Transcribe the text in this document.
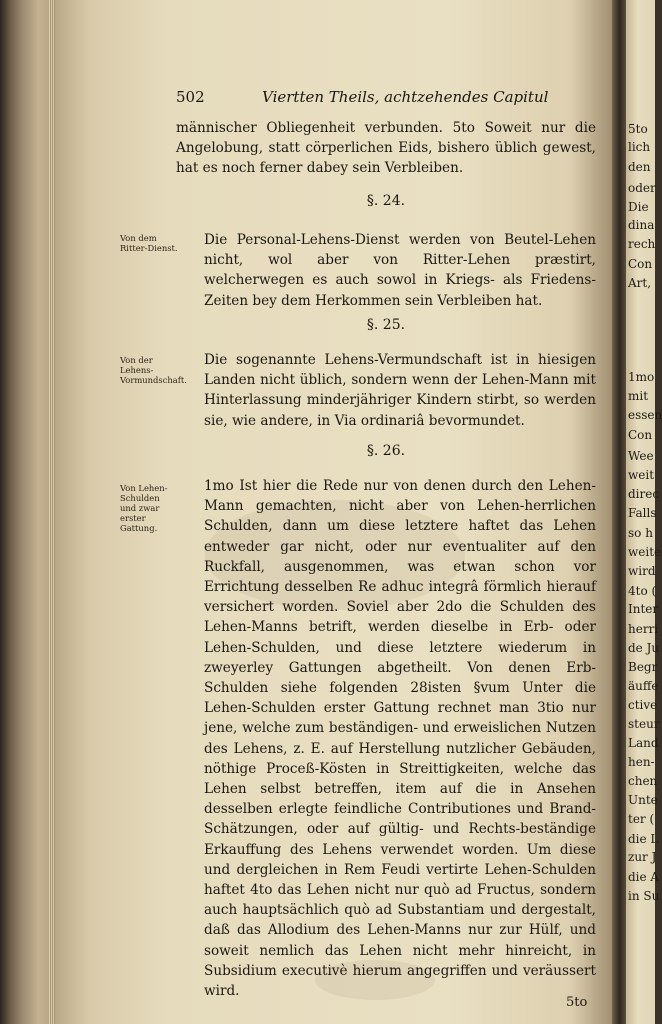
502	Viertten Theils, achtzehendes Capitul

männischer Obliegenheit verbunden. 5to Soweit nur die Angelobung, statt cörperlichen Eids, bishero üblich gewest, hat es noch ferner dabey sein Verbleiben.

§. 24.
Von dem Ritter-Dienst.	Die Personal-Lehens-Dienst werden von Beutel-Lehen nicht, wol aber von Ritter-Lehen præstirt, welcherwegen es auch sowol in Kriegs- als Friedens-Zeiten bey dem Herkommen sein Verbleiben hat.
§. 25.
Von der Lehens-Vormundschaft.
Die sogenannte Lehens-Vermundschaft ist in hiesigen Landen nicht üblich, sondern wenn der Lehen-Mann mit Hinterlassung minderjähriger Kindern stirbt, so werden sie, wie andere, in Via ordinariâ bevormundet.
§. 26.
Von Lehen-Schulden und zwar erster Gattung.
1mo Ist hier die Rede nur von denen durch den Lehen-Mann gemachten, nicht aber von Lehen-herrlichen Schulden, dann um diese letztere haftet das Lehen entweder gar nicht, oder nur eventualiter auf den Ruckfall, ausgenommen, was etwan schon vor Errichtung desselben Re adhuc integrâ förmlich hierauf versichert worden. Soviel aber 2do die Schulden des Lehen-Manns betrift, werden dieselbe in Erb- oder Lehen-Schulden, und diese letztere wiederum in zweyerley Gattungen abgetheilt. Von denen Erb-Schulden siehe folgenden 28isten §vum Unter die Lehen-Schulden erster Gattung rechnet man 3tio nur jene, welche zum beständigen- und erweislichen Nutzen des Lehens, z. E. auf Herstellung nutzlicher Gebäuden, nöthige Proceß-Kösten in Streittigkeiten, welche das Lehen selbst betreffen, item auf die in Ansehen desselben erlegte feindliche Contributiones und Brand-Schätzungen, oder auf gültig- und Rechts-beständige Erkauffung des Lehens verwendet worden. Um diese und dergleichen in Rem Feudi vertirte Lehen-Schulden haftet 4to das Lehen nicht nur quò ad Fructus, sondern auch hauptsächlich quò ad Substantiam und dergestalt, daß das Allodium des Lehen-Manns nur zur Hülf, und soweit nemlich das Lehen nicht mehr hinreicht, in Subsidium executivè hierum angegriffen und veräussert wird.
5to
5to
lich
den
oder
Die
dina
rech
Con
Art,
1mo
mit
essen
Con
Wee
weit
direc
Falls
so h
weite
wird
4to (
Inter
herri
de Ju
Begr
äuffe
ctive
steur
Land
hen-
chen
Unte
ter (
die L
zur J
die A
in Su
